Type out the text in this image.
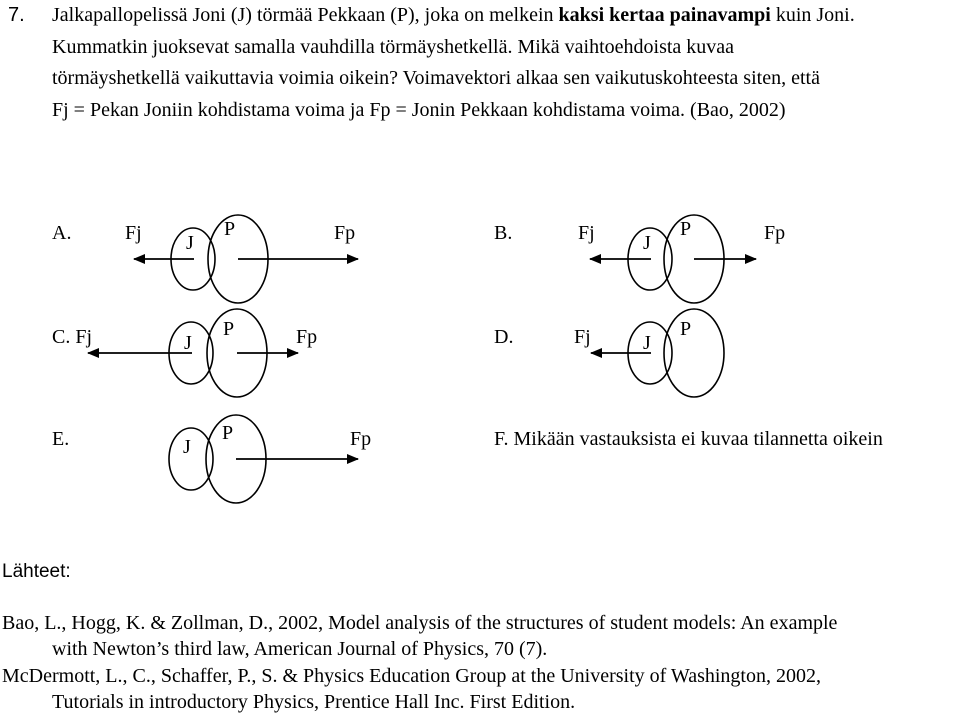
7. Jalkapallopelissä Joni (J) törmää Pekkaan (P), joka on melkein kaksi kertaa painavampi kuin Joni.
Kummatkin juoksevat samalla vauhdilla törmäyshetkellä. Mikä vaihtoehdoista kuvaa
törmäyshetkellä vaikuttavia voimia oikein? Voimavektori alkaa sen vaikutuskohteesta siten, että
Fj = Pekan Joniin kohdistama voima ja Fp = Jonin Pekkaan kohdistama voima. (Bao, 2002)
A.	Fj J
P	Fp	B.	Fj J
P	Fp
C. Fj	J
P	Fp	D.	Fj	J
P
E.	J
P	Fp	F. Mikään vastauksista ei kuvaa tilannetta oikein
Lähteet:
Bao, L., Hogg, K. & Zollman, D., 2002, Model analysis of the structures of student models: An example
with Newton’s third law, American Journal of Physics, 70 (7).
McDermott, L., C., Schaffer, P., S. & Physics Education Group at the University of Washington, 2002,
Tutorials in introductory Physics, Prentice Hall Inc. First Edition.
